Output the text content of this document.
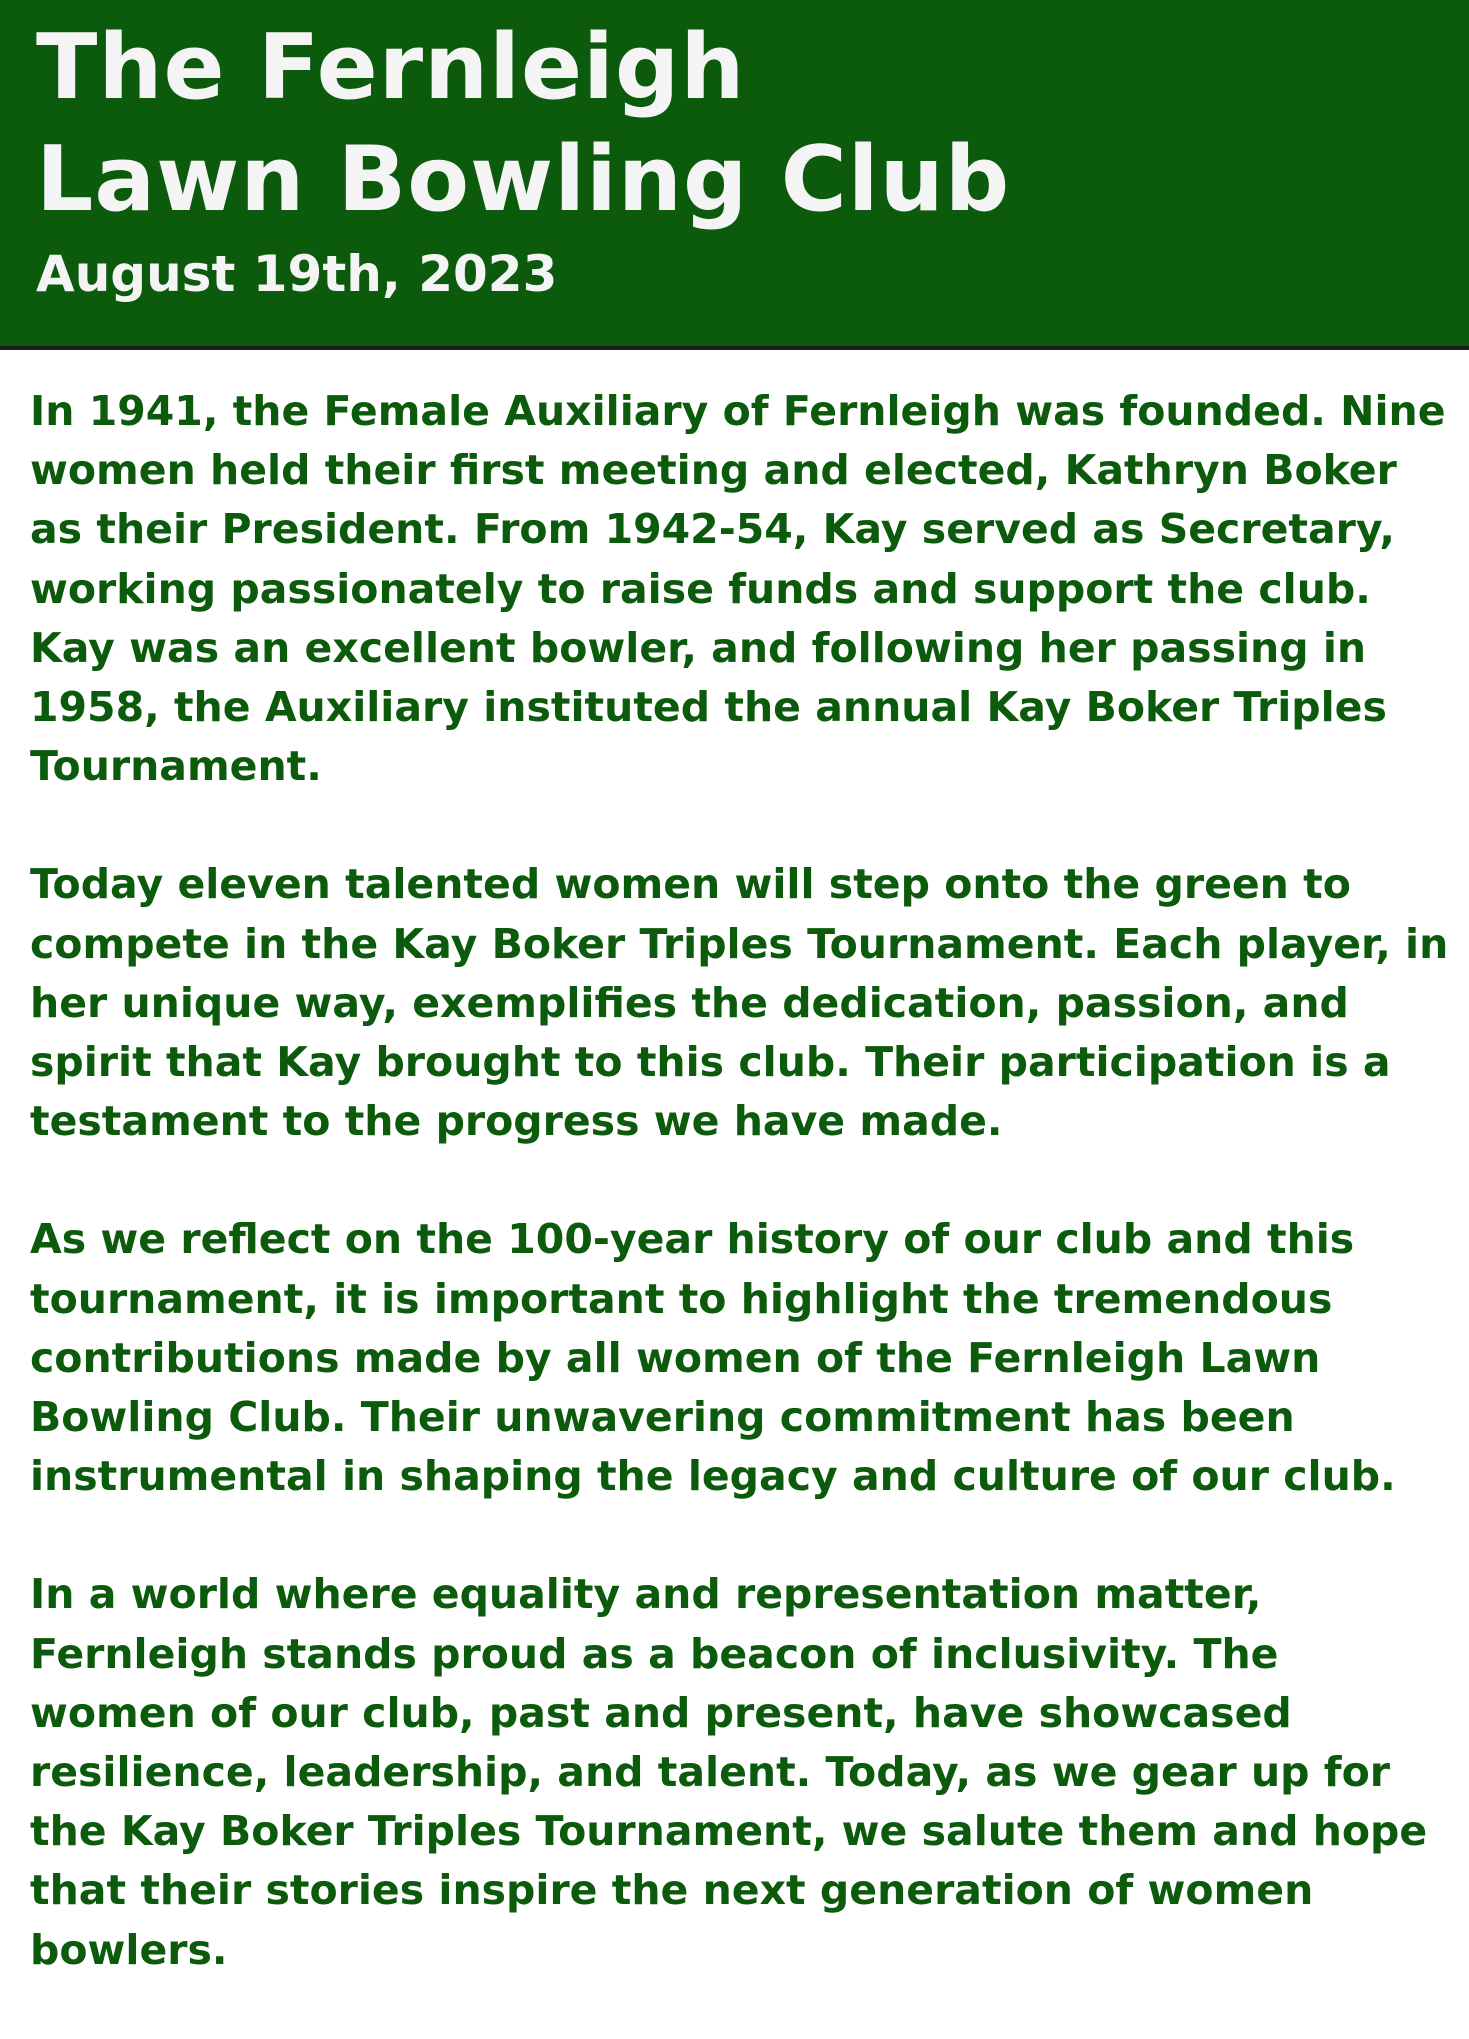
The Fernleigh
Lawn Bowling Club
August 19th, 2023

In 1941, the Female Auxiliary of Fernleigh was founded. Nine women held their first meeting and elected, Kathryn Boker as their President. From 1942-54, Kay served as Secretary, working passionately to raise funds and support the club. Kay was an excellent bowler, and following her passing in 1958, the Auxiliary instituted the annual Kay Boker Triples Tournament.

Today eleven talented women will step onto the green to compete in the Kay Boker Triples Tournament. Each player, in her unique way, exemplifies the dedication, passion, and spirit that Kay brought to this club. Their participation is a testament to the progress we have made.

As we reflect on the 100-year history of our club and this tournament, it is important to highlight the tremendous contributions made by all women of the Fernleigh Lawn Bowling Club. Their unwavering commitment has been instrumental in shaping the legacy and culture of our club.

In a world where equality and representation matter, Fernleigh stands proud as a beacon of inclusivity. The women of our club, past and present, have showcased resilience, leadership, and talent. Today, as we gear up for the Kay Boker Triples Tournament, we salute them and hope that their stories inspire the next generation of women bowlers.
